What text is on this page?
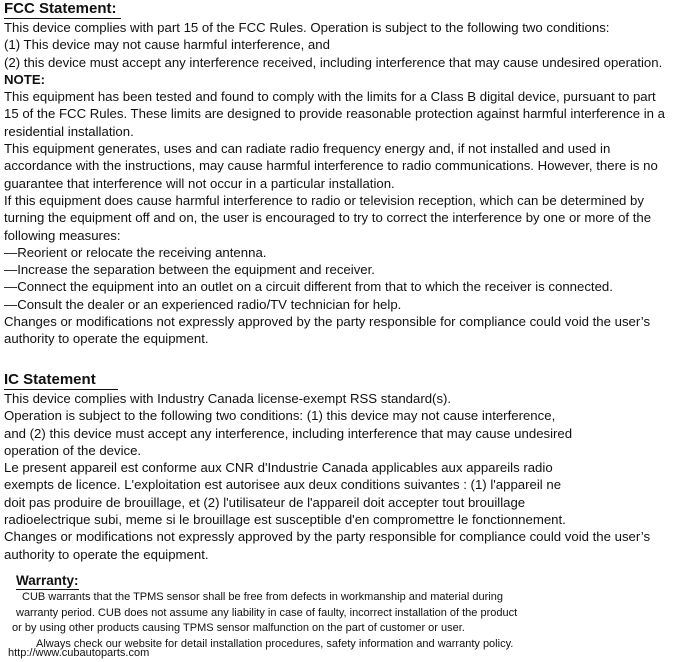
FCC Statement:
This device complies with part 15 of the FCC Rules. Operation is subject to the following two conditions:
(1) This device may not cause harmful interference, and
(2) this device must accept any interference received, including interference that may cause undesired operation.
NOTE:
This equipment has been tested and found to comply with the limits for a Class B digital device, pursuant to part
15 of the FCC Rules. These limits are designed to provide reasonable protection against harmful interference in a
residential installation.
This equipment generates, uses and can radiate radio frequency energy and, if not installed and used in
accordance with the instructions, may cause harmful interference to radio communications. However, there is no
guarantee that interference will not occur in a particular installation.
If this equipment does cause harmful interference to radio or television reception, which can be determined by
turning the equipment off and on, the user is encouraged to try to correct the interference by one or more of the
following measures:
—Reorient or relocate the receiving antenna.
—Increase the separation between the equipment and receiver.
—Connect the equipment into an outlet on a circuit different from that to which the receiver is connected.
—Consult the dealer or an experienced radio/TV technician for help.
Changes or modifications not expressly approved by the party responsible for compliance could void the user’s
authority to operate the equipment.
IC Statement
This device complies with Industry Canada license-exempt RSS standard(s).
Operation is subject to the following two conditions: (1) this device may not cause interference,
and (2) this device must accept any interference, including interference that may cause undesired
operation of the device.
Le present appareil est conforme aux CNR d'Industrie Canada applicables aux appareils radio
exempts de licence. L'exploitation est autorisee aux deux conditions suivantes : (1) l'appareil ne
doit pas produire de brouillage, et (2) l'utilisateur de l'appareil doit accepter tout brouillage
radioelectrique subi, meme si le brouillage est susceptible d'en compromettre le fonctionnement.
Changes or modifications not expressly approved by the party responsible for compliance could void the user’s
authority to operate the equipment.
Warranty:
CUB warrants that the TPMS sensor shall be free from defects in workmanship and material during
warranty period. CUB does not assume any liability in case of faulty, incorrect installation of the product
or by using other products causing TPMS sensor malfunction on the part of customer or user.
Always check our website for detail installation procedures, safety information and warranty policy.
http://www.cubautoparts.com
